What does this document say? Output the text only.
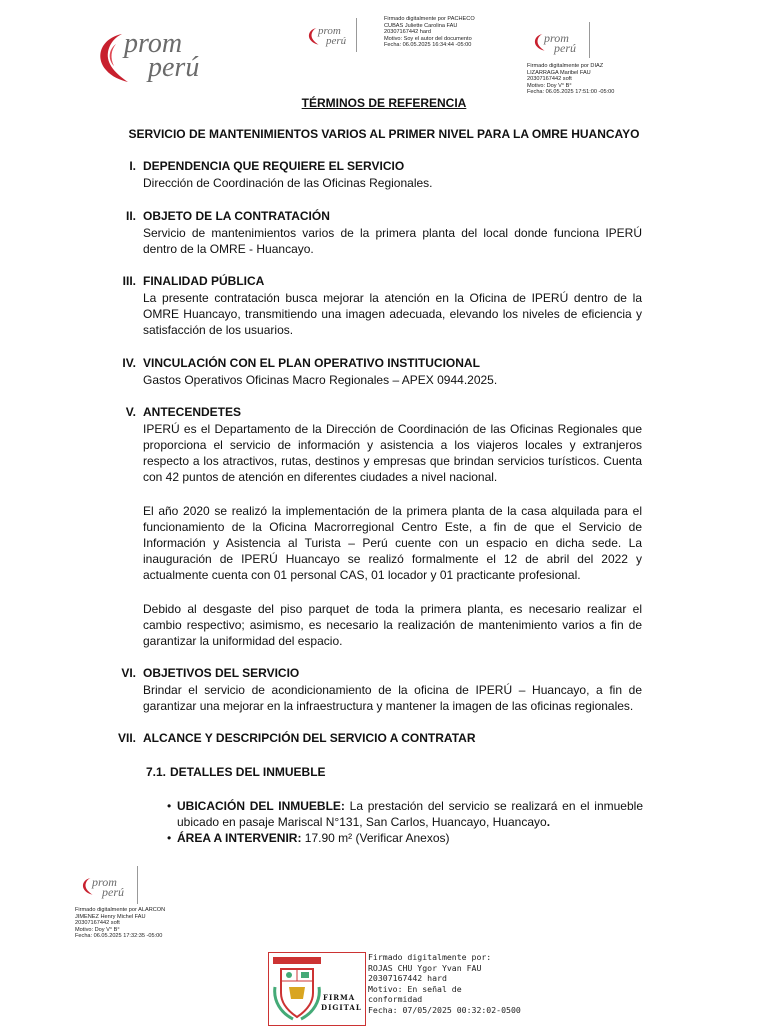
prom
perú
prom
perú
Firmado digitalmente por PACHECO
CUBAS Juliette Carolina FAU
20307167442 hard
Motivo: Soy el autor del documento
Fecha: 06.05.2025 16:34:44 -05:00
prom
perú
Firmado digitalmente por DIAZ
LIZARRAGA Maribel FAU
20307167442 soft
Motivo: Doy V° B°
Fecha: 06.05.2025 17:51:00 -05:00
TÉRMINOS DE REFERENCIA
SERVICIO DE MANTENIMIENTOS VARIOS AL PRIMER NIVEL PARA LA OMRE HUANCAYO
I. DEPENDENCIA QUE REQUIERE EL SERVICIO
Dirección de Coordinación de las Oficinas Regionales.
II. OBJETO DE LA CONTRATACIÓN
Servicio de mantenimientos varios de la primera planta del local donde funciona IPERÚ dentro de la OMRE - Huancayo.
III. FINALIDAD PÚBLICA
La presente contratación busca mejorar la atención en la Oficina de IPERÚ dentro de la OMRE Huancayo, transmitiendo una imagen adecuada, elevando los niveles de eficiencia y satisfacción de los usuarios.
IV. VINCULACIÓN CON EL PLAN OPERATIVO INSTITUCIONAL
Gastos Operativos Oficinas Macro Regionales – APEX 0944.2025.
V. ANTECENDETES
IPERÚ es el Departamento de la Dirección de Coordinación de las Oficinas Regionales que proporciona el servicio de información y asistencia a los viajeros locales y extranjeros respecto a los atractivos, rutas, destinos y empresas que brindan servicios turísticos. Cuenta con 42 puntos de atención en diferentes ciudades a nivel nacional.
El año 2020 se realizó la implementación de la primera planta de la casa alquilada para el funcionamiento de la Oficina Macrorregional Centro Este, a fin de que el Servicio de Información y Asistencia al Turista – Perú cuente con un espacio en dicha sede. La inauguración de IPERÚ Huancayo se realizó formalmente el 12 de abril del 2022 y actualmente cuenta con 01 personal CAS, 01 locador y 01 practicante profesional.
Debido al desgaste del piso parquet de toda la primera planta, es necesario realizar el cambio respectivo; asimismo, es necesario la realización de mantenimiento varios a fin de garantizar la uniformidad del espacio.
VI. OBJETIVOS DEL SERVICIO
Brindar el servicio de acondicionamiento de la oficina de IPERÚ – Huancayo, a fin de garantizar una mejorar en la infraestructura y mantener la imagen de las oficinas regionales.
VII. ALCANCE Y DESCRIPCIÓN DEL SERVICIO A CONTRATAR
7.1. DETALLES DEL INMUEBLE
• UBICACIÓN DEL INMUEBLE: La prestación del servicio se realizará en el inmueble ubicado en pasaje Mariscal N°131, San Carlos, Huancayo, Huancayo.
• ÁREA A INTERVENIR: 17.90 m² (Verificar Anexos)
prom
perú
Firmado digitalmente por ALARCON
JIMENEZ Henry Michel FAU
20307167442 soft
Motivo: Doy V° B°
Fecha: 06.05.2025 17:32:35 -05:00
FIRMA
DIGITAL
Firmado digitalmente por:
ROJAS CHU Ygor Yvan FAU
20307167442 hard
Motivo: En señal de
conformidad
Fecha: 07/05/2025 00:32:02-0500
